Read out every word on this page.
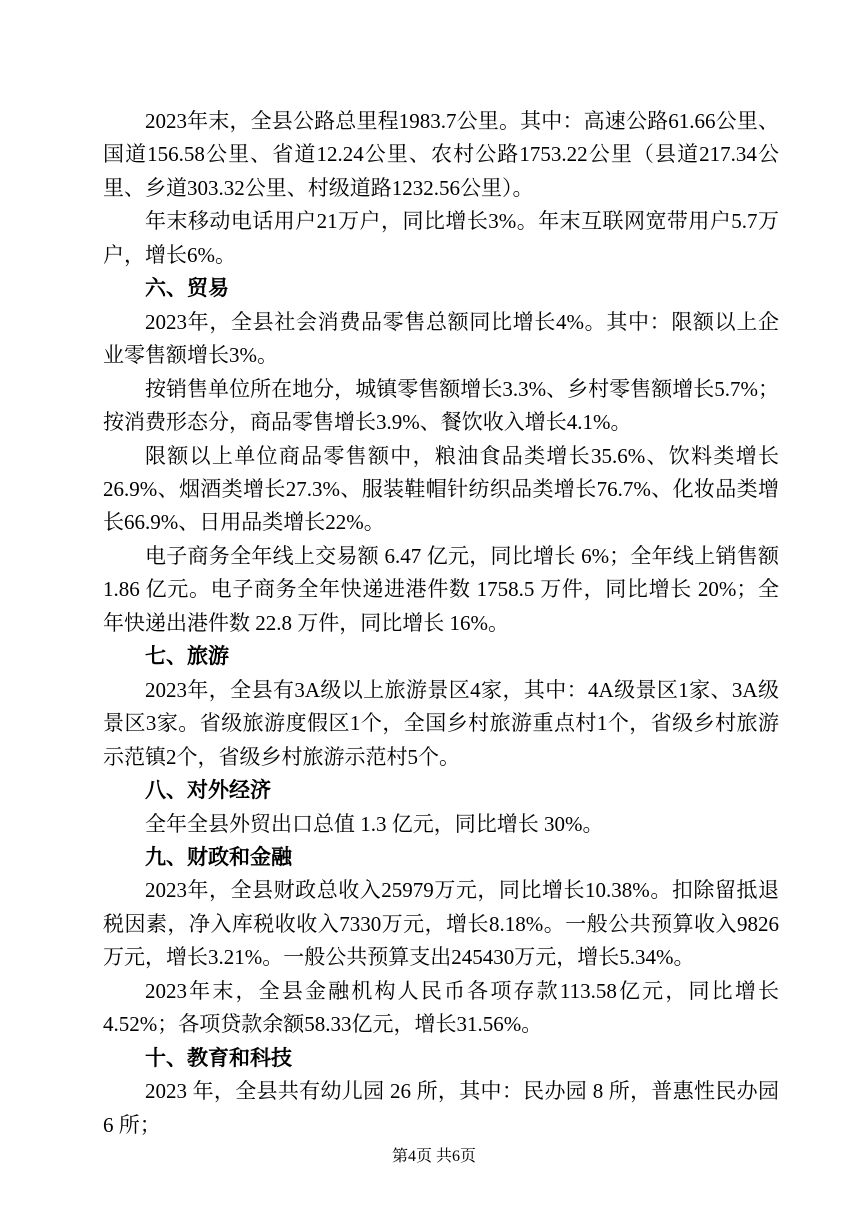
2023年末，全县公路总里程1983.7公里。其中：高速公路61.66公里、国道156.58公里、省道12.24公里、农村公路1753.22公里（县道217.34公里、乡道303.32公里、村级道路1232.56公里）。

年末移动电话用户21万户，同比增长3%。年末互联网宽带用户5.7万户，增长6%。

六、贸易

2023年，全县社会消费品零售总额同比增长4%。其中：限额以上企业零售额增长3%。

按销售单位所在地分，城镇零售额增长3.3%、乡村零售额增长5.7%；按消费形态分，商品零售增长3.9%、餐饮收入增长4.1%。

限额以上单位商品零售额中，粮油食品类增长35.6%、饮料类增长26.9%、烟酒类增长27.3%、服装鞋帽针纺织品类增长76.7%、化妆品类增长66.9%、日用品类增长22%。

电子商务全年线上交易额 6.47 亿元，同比增长 6%；全年线上销售额 1.86 亿元。电子商务全年快递进港件数 1758.5 万件，同比增长 20%；全年快递出港件数 22.8 万件，同比增长 16%。

七、旅游

2023年，全县有3A级以上旅游景区4家，其中：4A级景区1家、3A级景区3家。省级旅游度假区1个，全国乡村旅游重点村1个，省级乡村旅游示范镇2个，省级乡村旅游示范村5个。

八、对外经济

全年全县外贸出口总值 1.3 亿元，同比增长 30%。

九、财政和金融

2023年，全县财政总收入25979万元，同比增长10.38%。扣除留抵退税因素，净入库税收收入7330万元，增长8.18%。一般公共预算收入9826万元，增长3.21%。一般公共预算支出245430万元，增长5.34%。

2023年末，全县金融机构人民币各项存款113.58亿元，同比增长4.52%；各项贷款余额58.33亿元，增长31.56%。

十、教育和科技

2023 年，全县共有幼儿园 26 所，其中：民办园 8 所，普惠性民办园 6 所；

第4页 共6页
